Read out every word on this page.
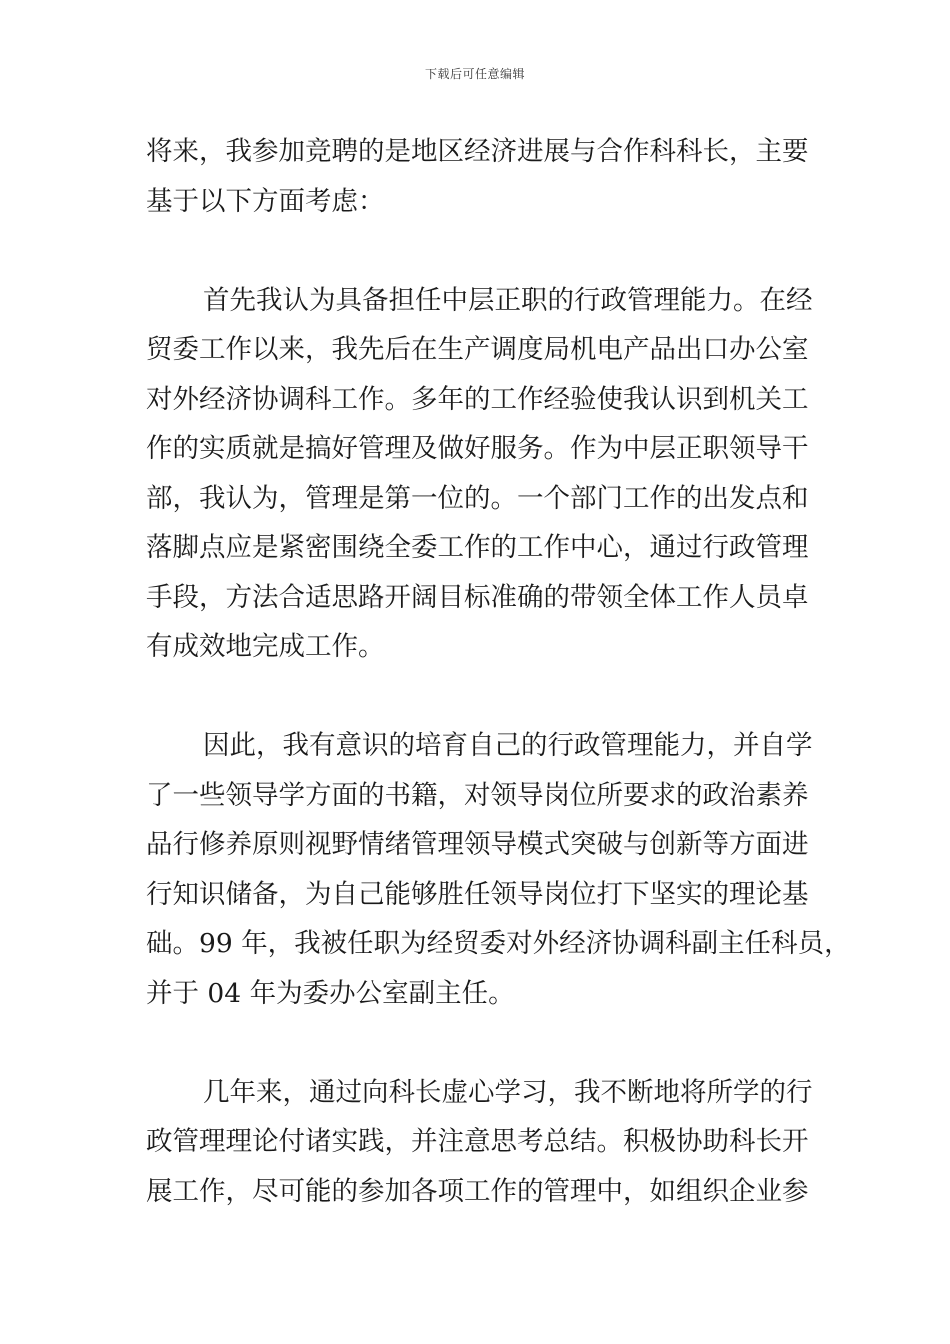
下载后可任意编辑
将来，我参加竞聘的是地区经济进展与合作科科长，主要
基于以下方面考虑：
首先我认为具备担任中层正职的行政管理能力。在经
贸委工作以来，我先后在生产调度局机电产品出口办公室
对外经济协调科工作。多年的工作经验使我认识到机关工
作的实质就是搞好管理及做好服务。作为中层正职领导干
部，我认为，管理是第一位的。一个部门工作的出发点和
落脚点应是紧密围绕全委工作的工作中心，通过行政管理
手段，方法合适思路开阔目标准确的带领全体工作人员卓
有成效地完成工作。
因此，我有意识的培育自己的行政管理能力，并自学
了一些领导学方面的书籍，对领导岗位所要求的政治素养
品行修养原则视野情绪管理领导模式突破与创新等方面进
行知识储备，为自己能够胜任领导岗位打下坚实的理论基
础。99 年，我被任职为经贸委对外经济协调科副主任科员，
并于 04 年为委办公室副主任。
几年来，通过向科长虚心学习，我不断地将所学的行
政管理理论付诸实践，并注意思考总结。积极协助科长开
展工作，尽可能的参加各项工作的管理中，如组织企业参
